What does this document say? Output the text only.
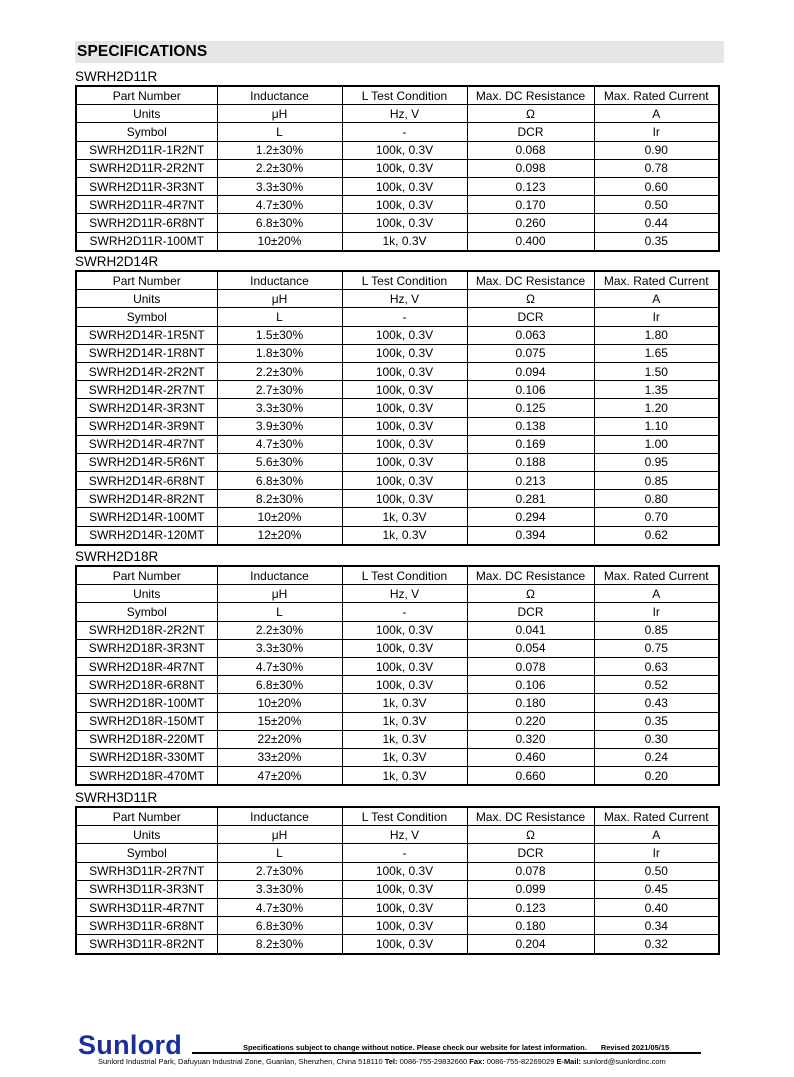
SPECIFICATIONS
SWRH2D11R
Part Number	Inductance	L Test Condition	Max. DC Resistance	Max. Rated Current
Units	μH	Hz, V	Ω	A
Symbol	L	-	DCR	Ir
SWRH2D11R-1R2NT	1.2±30%	100k, 0.3V	0.068	0.90
SWRH2D11R-2R2NT	2.2±30%	100k, 0.3V	0.098	0.78
SWRH2D11R-3R3NT	3.3±30%	100k, 0.3V	0.123	0.60
SWRH2D11R-4R7NT	4.7±30%	100k, 0.3V	0.170	0.50
SWRH2D11R-6R8NT	6.8±30%	100k, 0.3V	0.260	0.44
SWRH2D11R-100MT	10±20%	1k, 0.3V	0.400	0.35
SWRH2D14R
Part Number	Inductance	L Test Condition	Max. DC Resistance	Max. Rated Current
Units	μH	Hz, V	Ω	A
Symbol	L	-	DCR	Ir
SWRH2D14R-1R5NT	1.5±30%	100k, 0.3V	0.063	1.80
SWRH2D14R-1R8NT	1.8±30%	100k, 0.3V	0.075	1.65
SWRH2D14R-2R2NT	2.2±30%	100k, 0.3V	0.094	1.50
SWRH2D14R-2R7NT	2.7±30%	100k, 0.3V	0.106	1.35
SWRH2D14R-3R3NT	3.3±30%	100k, 0.3V	0.125	1.20
SWRH2D14R-3R9NT	3.9±30%	100k, 0.3V	0.138	1.10
SWRH2D14R-4R7NT	4.7±30%	100k, 0.3V	0.169	1.00
SWRH2D14R-5R6NT	5.6±30%	100k, 0.3V	0.188	0.95
SWRH2D14R-6R8NT	6.8±30%	100k, 0.3V	0.213	0.85
SWRH2D14R-8R2NT	8.2±30%	100k, 0.3V	0.281	0.80
SWRH2D14R-100MT	10±20%	1k, 0.3V	0.294	0.70
SWRH2D14R-120MT	12±20%	1k, 0.3V	0.394	0.62
SWRH2D18R
Part Number	Inductance	L Test Condition	Max. DC Resistance	Max. Rated Current
Units	μH	Hz, V	Ω	A
Symbol	L	-	DCR	Ir
SWRH2D18R-2R2NT	2.2±30%	100k, 0.3V	0.041	0.85
SWRH2D18R-3R3NT	3.3±30%	100k, 0.3V	0.054	0.75
SWRH2D18R-4R7NT	4.7±30%	100k, 0.3V	0.078	0.63
SWRH2D18R-6R8NT	6.8±30%	100k, 0.3V	0.106	0.52
SWRH2D18R-100MT	10±20%	1k, 0.3V	0.180	0.43
SWRH2D18R-150MT	15±20%	1k, 0.3V	0.220	0.35
SWRH2D18R-220MT	22±20%	1k, 0.3V	0.320	0.30
SWRH2D18R-330MT	33±20%	1k, 0.3V	0.460	0.24
SWRH2D18R-470MT	47±20%	1k, 0.3V	0.660	0.20
SWRH3D11R
Part Number	Inductance	L Test Condition	Max. DC Resistance	Max. Rated Current
Units	μH	Hz, V	Ω	A
Symbol	L	-	DCR	Ir
SWRH3D11R-2R7NT	2.7±30%	100k, 0.3V	0.078	0.50
SWRH3D11R-3R3NT	3.3±30%	100k, 0.3V	0.099	0.45
SWRH3D11R-4R7NT	4.7±30%	100k, 0.3V	0.123	0.40
SWRH3D11R-6R8NT	6.8±30%	100k, 0.3V	0.180	0.34
SWRH3D11R-8R2NT	8.2±30%	100k, 0.3V	0.204	0.32
Sunlord	Specifications subject to change without notice. Please check our website for latest information. Revised 2021/05/15
Sunlord Industrial Park, Dafuyuan Industrial Zone, Guanlan, Shenzhen, China 518110 Tel: 0086-755-29832660 Fax: 0086-755-82269029 E-Mail: sunlord@sunlordinc.com
